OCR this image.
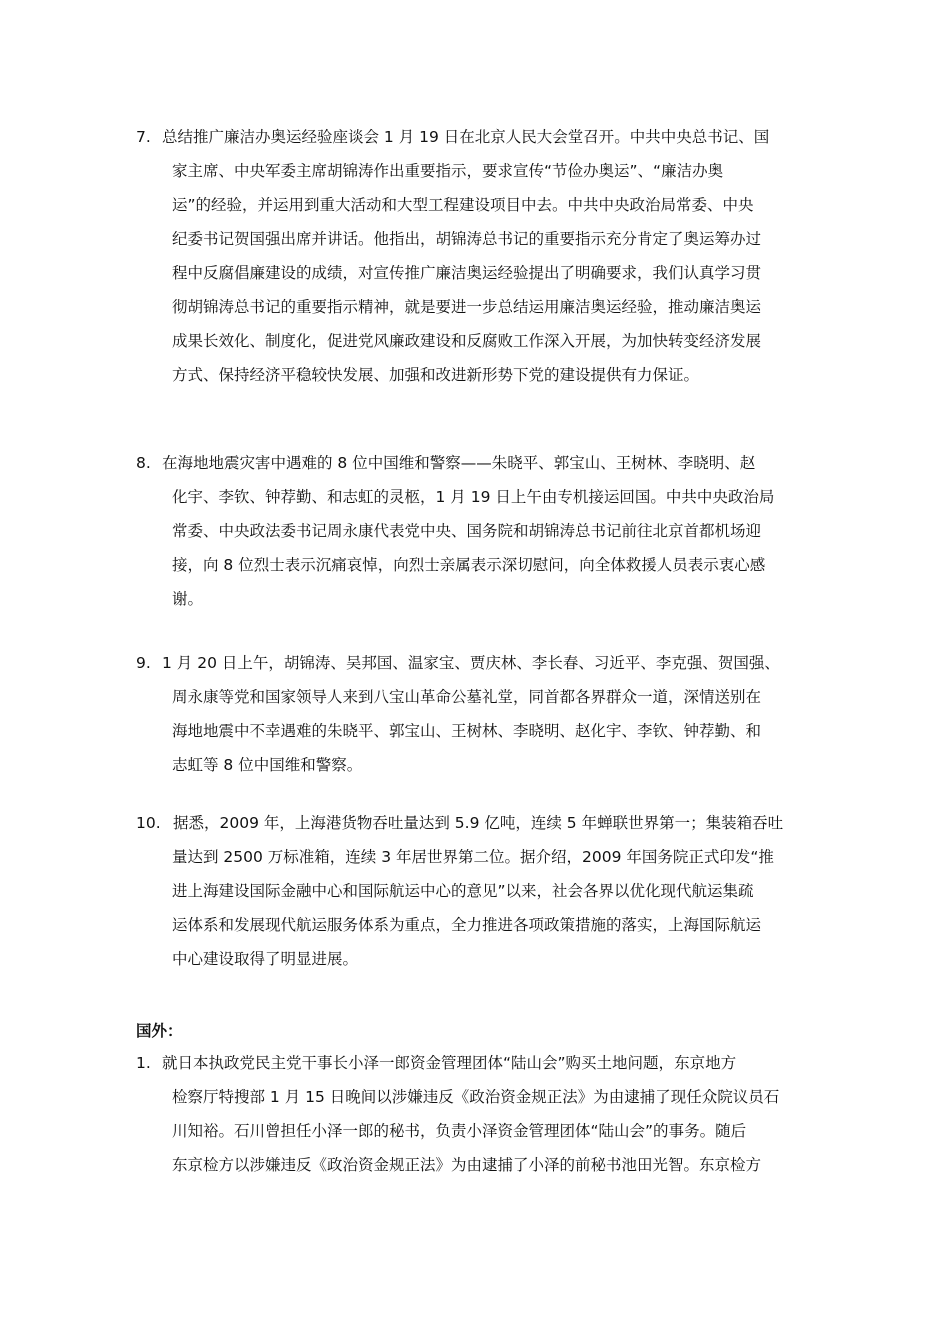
7. 总结推广廉洁办奥运经验座谈会 1 月 19 日在北京人民大会堂召开。中共中央总书记、国
家主席、中央军委主席胡锦涛作出重要指示，要求宣传“节俭办奥运”、“廉洁办奥
运”的经验，并运用到重大活动和大型工程建设项目中去。中共中央政治局常委、中央
纪委书记贺国强出席并讲话。他指出，胡锦涛总书记的重要指示充分肯定了奥运筹办过
程中反腐倡廉建设的成绩，对宣传推广廉洁奥运经验提出了明确要求，我们认真学习贯
彻胡锦涛总书记的重要指示精神，就是要进一步总结运用廉洁奥运经验，推动廉洁奥运
成果长效化、制度化，促进党风廉政建设和反腐败工作深入开展，为加快转变经济发展
方式、保持经济平稳较快发展、加强和改进新形势下党的建设提供有力保证。
8. 在海地地震灾害中遇难的 8 位中国维和警察——朱晓平、郭宝山、王树林、李晓明、赵
化宇、李钦、钟荐勤、和志虹的灵柩，1 月 19 日上午由专机接运回国。中共中央政治局
常委、中央政法委书记周永康代表党中央、国务院和胡锦涛总书记前往北京首都机场迎
接，向 8 位烈士表示沉痛哀悼，向烈士亲属表示深切慰问，向全体救援人员表示衷心感
谢。
9. 1 月 20 日上午，胡锦涛、吴邦国、温家宝、贾庆林、李长春、习近平、李克强、贺国强、
周永康等党和国家领导人来到八宝山革命公墓礼堂，同首都各界群众一道，深情送别在
海地地震中不幸遇难的朱晓平、郭宝山、王树林、李晓明、赵化宇、李钦、钟荐勤、和
志虹等 8 位中国维和警察。
10. 据悉，2009 年，上海港货物吞吐量达到 5.9 亿吨，连续 5 年蝉联世界第一；集装箱吞吐
量达到 2500 万标准箱，连续 3 年居世界第二位。据介绍，2009 年国务院正式印发“推
进上海建设国际金融中心和国际航运中心的意见”以来，社会各界以优化现代航运集疏
运体系和发展现代航运服务体系为重点，全力推进各项政策措施的落实，上海国际航运
中心建设取得了明显进展。
国外：
1. 就日本执政党民主党干事长小泽一郎资金管理团体“陆山会”购买土地问题，东京地方
检察厅特搜部 1 月 15 日晚间以涉嫌违反《政治资金规正法》为由逮捕了现任众院议员石
川知裕。石川曾担任小泽一郎的秘书，负责小泽资金管理团体“陆山会”的事务。随后
东京检方以涉嫌违反《政治资金规正法》为由逮捕了小泽的前秘书池田光智。东京检方
